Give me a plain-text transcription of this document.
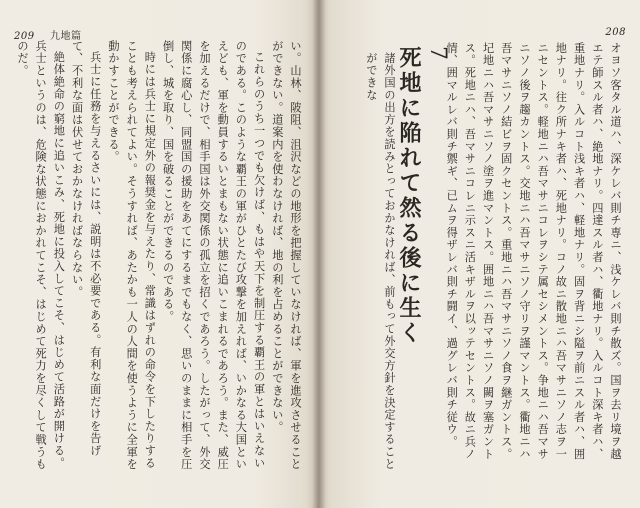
209 九地篇

い。山林、陂阻、沮沢などの地形を把握していなければ、軍を進攻させることができない。道案内を使わなければ、地の利を占めることができない。

これらのうち一つでも欠けば、もはや天下を制圧する覇王の軍とはいえないのである。このような覇王の軍がひとたび攻撃を加えれば、いかなる大国といえども、軍を動員するいとまもない状態に追いこまれるであろう。また、威圧を加えるだけで、相手国は外交関係の孤立を招くであろう。したがって、外交関係に腐心し、同盟国の援助をあてにするまでもなく、思いのままに相手を圧倒し、城を取り、国を破ることができるのである。

時には兵士に規定外の報奨金を与えたり、常識はずれの命令を下したりすることも考えられてよい。そうすれば、あたかも一人の人間を使うように全軍を動かすことができる。

兵士に任務を与えるさいには、説明は不必要である。有利な面だけを告げて、不利な面は伏せておかなければならない。

絶体絶命の窮地に追いこみ、死地に投入してこそ、はじめて活路が開ける。兵士というのは、危険な状態におかれてこそ、はじめて死力を尽くして戦うものだ。

208
オヨソ客タル道ハ、深ケレバ則チ専ニ、浅ケレバ則チ散ズ。国ヲ去リ境ヲ越エテ師スル者ハ、絶地ナリ。四達スル者ハ、衢地ナリ。入ルコト深キ者ハ、重地ナリ。入ルコト浅キ者ハ、軽地ナリ。固ヲ背ニシ隘ヲ前ニスル者ハ、囲地ナリ。往ク所ナキ者ハ、死地ナリ。コノ故ニ散地ニハ吾マサニソノ志ヲ一ニセントス。軽地ニハ吾マサニコレヲシテ属セシメントス。争地ニハ吾マサニソノ後ヲ趨カントス。交地ニハ吾マサニソノ守リヲ謹マントス。衢地ニハ吾マサニソノ結ビヲ固クセントス。重地ニハ吾マサニソノ食ヲ継ガントス。圮地ニハ吾マサニソノ塗ヲ進マントス。囲地ニハ吾マサニソノ闕ヲ塞ガントス。死地ニハ、吾マサニコレニ示スニ活キザルヲ以ッテセントス。故ニ兵ノ情、囲マルレバ則チ禦ギ、已ムヲ得ザレバ則チ闘イ、過グレバ則チ従ウ。
7
死地に陥れて然る後に生く
諸外国の出方を読みとっておかなければ、前もって外交方針を決定することができな
